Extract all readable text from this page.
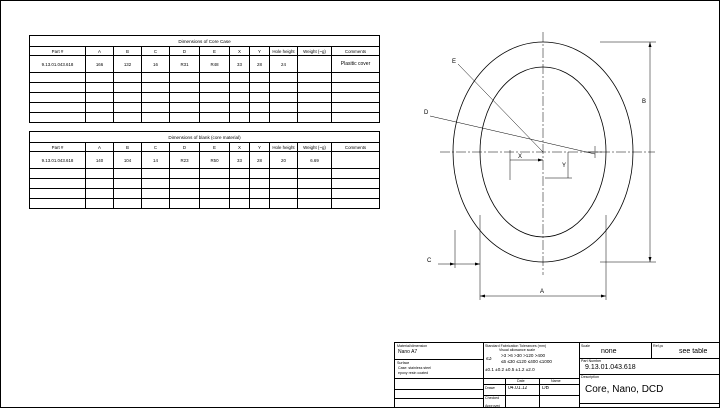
Dimensions of Core Case										
Part #	A	B	C	D	E	X	Y	Hole height	Weight (~g)	Comments
9.13.01.043.618	166	132	16	R31	R48	33	28	24		Plasitic cover

Dimensions of blank (core material)										
Part #	A	B	C	D	E	X	Y	Hole height	Weight (~g)	Comments
9.13.01.043.618	140	104	14	R23	R50	33	28	20	6.69	

E
D
X
Y
B
A
C
Material/dimension
Nano A7
Surface
Case: stainless steel
epoxy resin coated
Standard Fabrication Tolerances (mm)
Visual allowance scale
≤3
>3 >6 >30 >120 >400
≤6 ≤30 ≤120 ≤400 ≤1000
±0.1 ±0.2 ±0.5 ±1.2 ±2.0
Date	Name
Drawn	04.01.12	DB
Checked
Approved
Scale
none
Ref.pc
see table
Part Number
9.13.01.043.618
Description
Core, Nano, DCD
